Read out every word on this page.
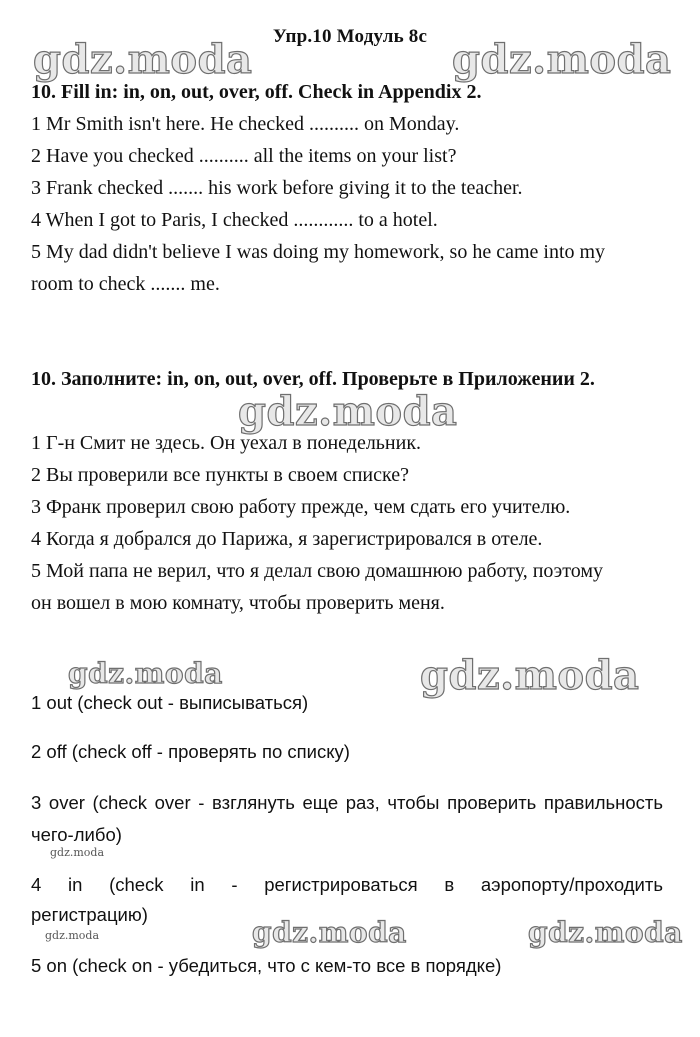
Упр.10 Модуль 8с
gdz.moda	gdz.moda
gdz.moda
gdz.moda	gdz.moda
gdz.moda
gdz.moda	gdz.moda	gdz.moda
10. Fill in: in, on, out, over, off. Check in Appendix 2.
1 Mr Smith isn't here. He checked .......... on Monday.
2 Have you checked .......... all the items on your list?
3 Frank checked ....... his work before giving it to the teacher.
4 When I got to Paris, I checked ............ to a hotel.
5 My dad didn't believe I was doing my homework, so he came into my
room to check ....... me.
10. Заполните: in, on, out, over, off. Проверьте в Приложении 2.
1 Г-н Смит не здесь. Он уехал в понедельник.
2 Вы проверили все пункты в своем списке?
3 Франк проверил свою работу прежде, чем сдать его учителю.
4 Когда я добрался до Парижа, я зарегистрировался в отеле.
5 Мой папа не верил, что я делал свою домашнюю работу, поэтому
он вошел в мою комнату, чтобы проверить меня.
1 out (check out - выписываться)
2 off (check off - проверять по списку)
3 over (check over - взглянуть еще раз, чтобы проверить правильность
чего-либо)
4 in (check in - регистрироваться в аэропорту/проходить
регистрацию)
5 on (check on - убедиться, что с кем-то все в порядке)
